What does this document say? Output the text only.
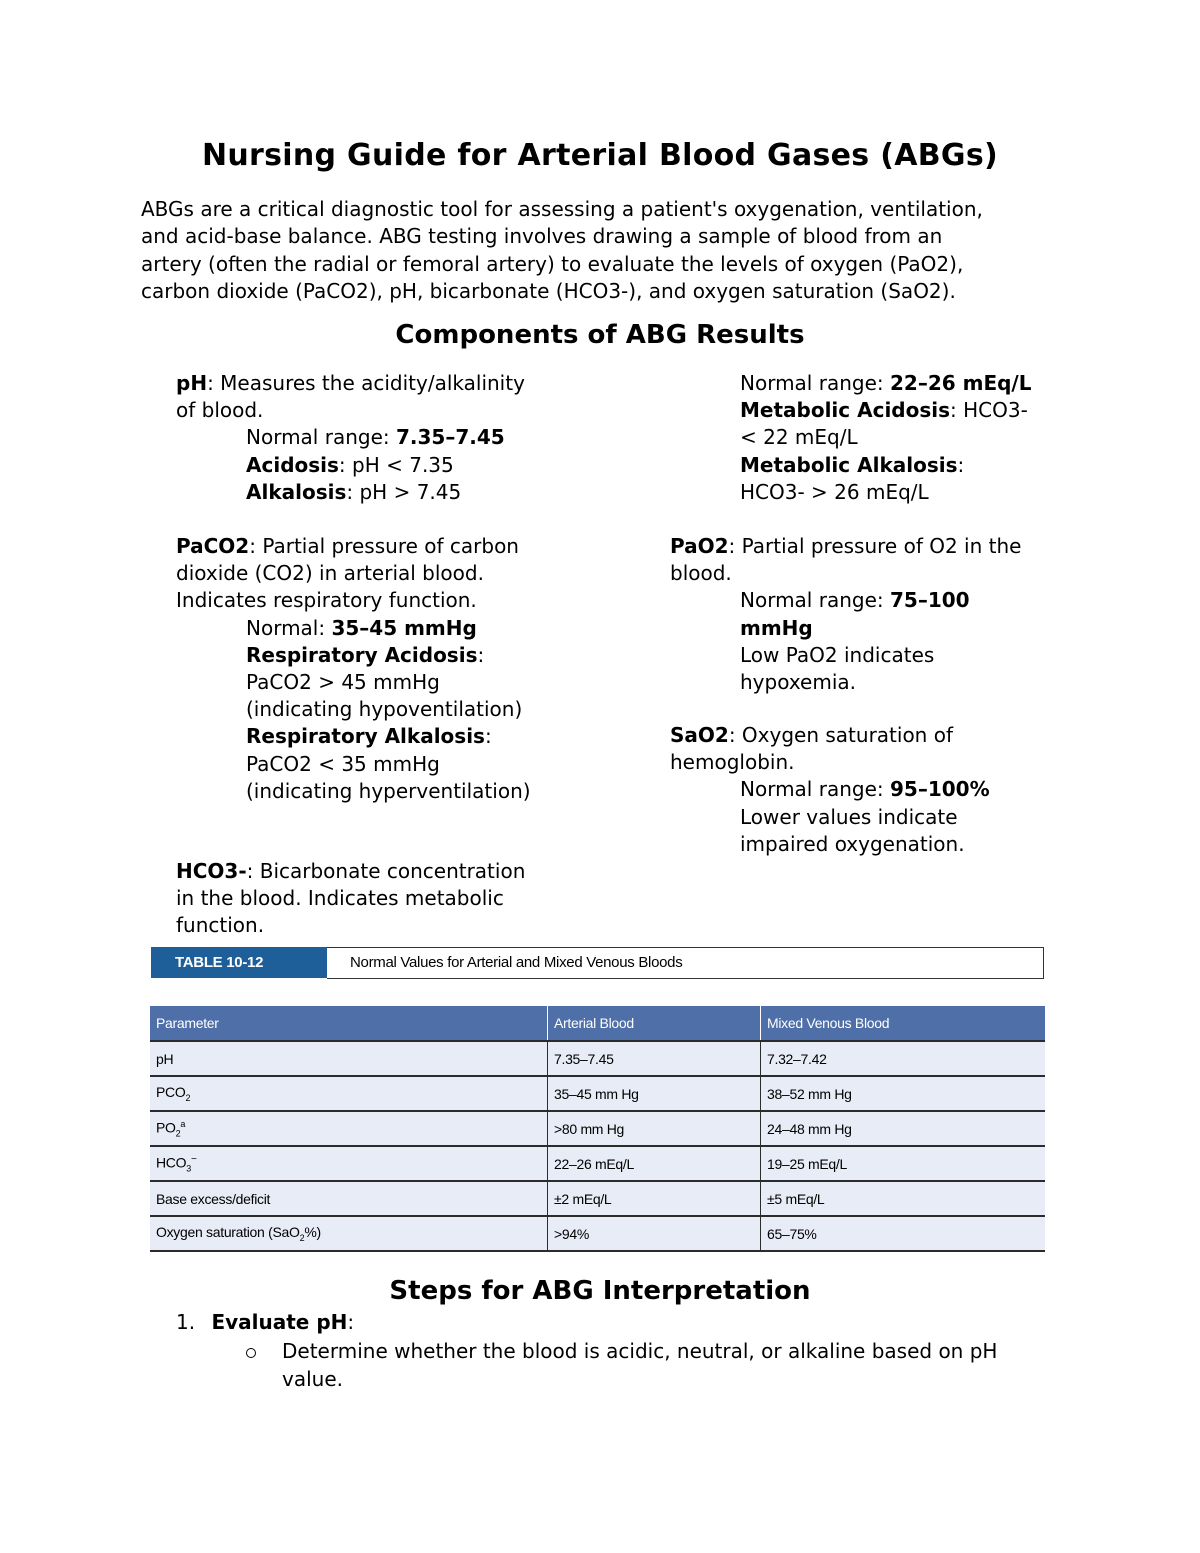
Nursing Guide for Arterial Blood Gases (ABGs)
ABGs are a critical diagnostic tool for assessing a patient's oxygenation, ventilation,
and acid-base balance. ABG testing involves drawing a sample of blood from an
artery (often the radial or femoral artery) to evaluate the levels of oxygen (PaO2),
carbon dioxide (PaCO2), pH, bicarbonate (HCO3-), and oxygen saturation (SaO2).
Components of ABG Results
pH: Measures the acidity/alkalinity
of blood.
Normal range: 7.35–7.45
Acidosis: pH < 7.35
Alkalosis: pH > 7.45
PaCO2: Partial pressure of carbon
dioxide (CO2) in arterial blood.
Indicates respiratory function.
Normal: 35–45 mmHg
Respiratory Acidosis:
PaCO2 > 45 mmHg
(indicating hypoventilation)
Respiratory Alkalosis:
PaCO2 < 35 mmHg
(indicating hyperventilation)
HCO3-: Bicarbonate concentration
in the blood. Indicates metabolic
function.
Normal range: 22–26 mEq/L
Metabolic Acidosis: HCO3-
< 22 mEq/L
Metabolic Alkalosis:
HCO3- > 26 mEq/L
PaO2: Partial pressure of O2 in the
blood.
Normal range: 75–100
mmHg
Low PaO2 indicates
hypoxemia.
SaO2: Oxygen saturation of
hemoglobin.
Normal range: 95–100%
Lower values indicate
impaired oxygenation.
TABLE 10-12	Normal Values for Arterial and Mixed Venous Bloods
Parameter	Arterial Blood	Mixed Venous Blood
pH	7.35–7.45	7.32–7.42
$PCO_2$	35–45 mm Hg	38–52 mm Hg
$PO_2^a$	>80 mm Hg	24–48 mm Hg
$HCO_3^-$	22–26 mEq/L	19–25 mEq/L
Base excess/deficit	±2 mEq/L	±5 mEq/L
Oxygen saturation (SaO$_2$%)	>94%	65–75%
Steps for ABG Interpretation
1. Evaluate pH:
Determine whether the blood is acidic, neutral, or alkaline based on pH
value.
